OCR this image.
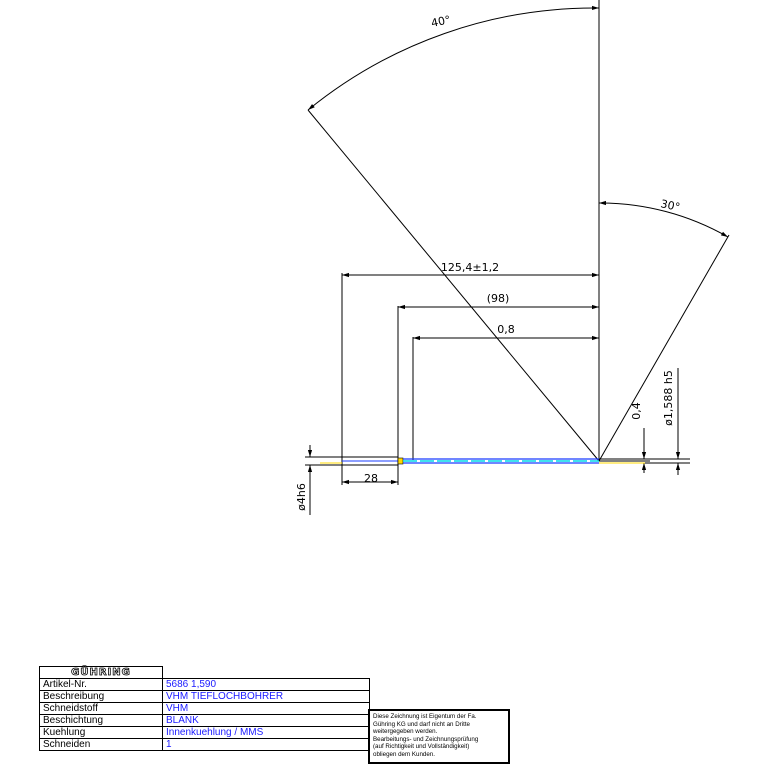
40°
30°
125,4±1,2
(98)
0,8
28
ø4h6
ø1,588 h5
0,4
GÜHRING	
Artikel-Nr.	5686 1,590
Beschreibung	VHM TIEFLOCHBOHRER
Schneidstoff	VHM
Beschichtung	BLANK
Kuehlung	Innenkuehlung / MMS
Schneiden	1
Diese Zeichnung ist Eigentum der Fa.
Gühring KG und darf nicht an Dritte
weitergegeben werden.
Bearbeitungs- und Zeichnungsprüfung
(auf Richtigkeit und Vollständigkeit)
obliegen dem Kunden.
